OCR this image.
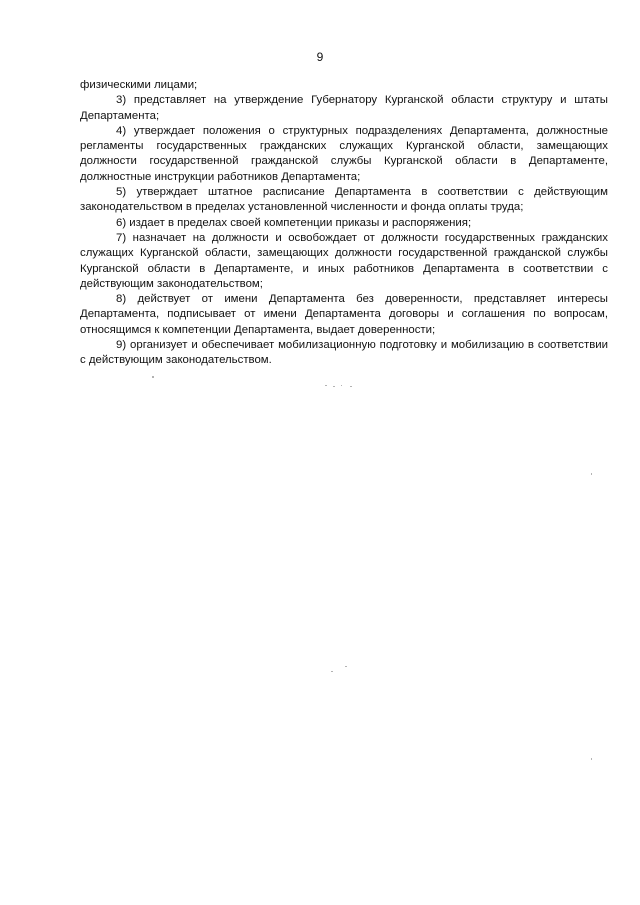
9

физическими лицами;

3) представляет на утверждение Губернатору Курганской области структуру и штаты Департамента;

4) утверждает положения о структурных подразделениях Департамента, должностные регламенты государственных гражданских служащих Курганской области, замещающих должности государственной гражданской службы Курганской области в Департаменте, должностные инструкции работников Департамента;

5) утверждает штатное расписание Департамента в соответствии с действующим законодательством в пределах установленной численности и фонда оплаты труда;

6) издает в пределах своей компетенции приказы и распоряжения;

7) назначает на должности и освобождает от должности государственных гражданских служащих Курганской области, замещающих должности государственной гражданской службы Курганской области в Департаменте, и иных работников Департамента в соответствии с действующим законодательством;

8) действует от имени Департамента без доверенности, представляет интересы Департамента, подписывает от имени Департамента договоры и соглашения по вопросам, относящимся к компетенции Департамента, выдает доверенности;

9) организует и обеспечивает мобилизационную подготовку и мобилизацию в соответствии с действующим законодательством.
